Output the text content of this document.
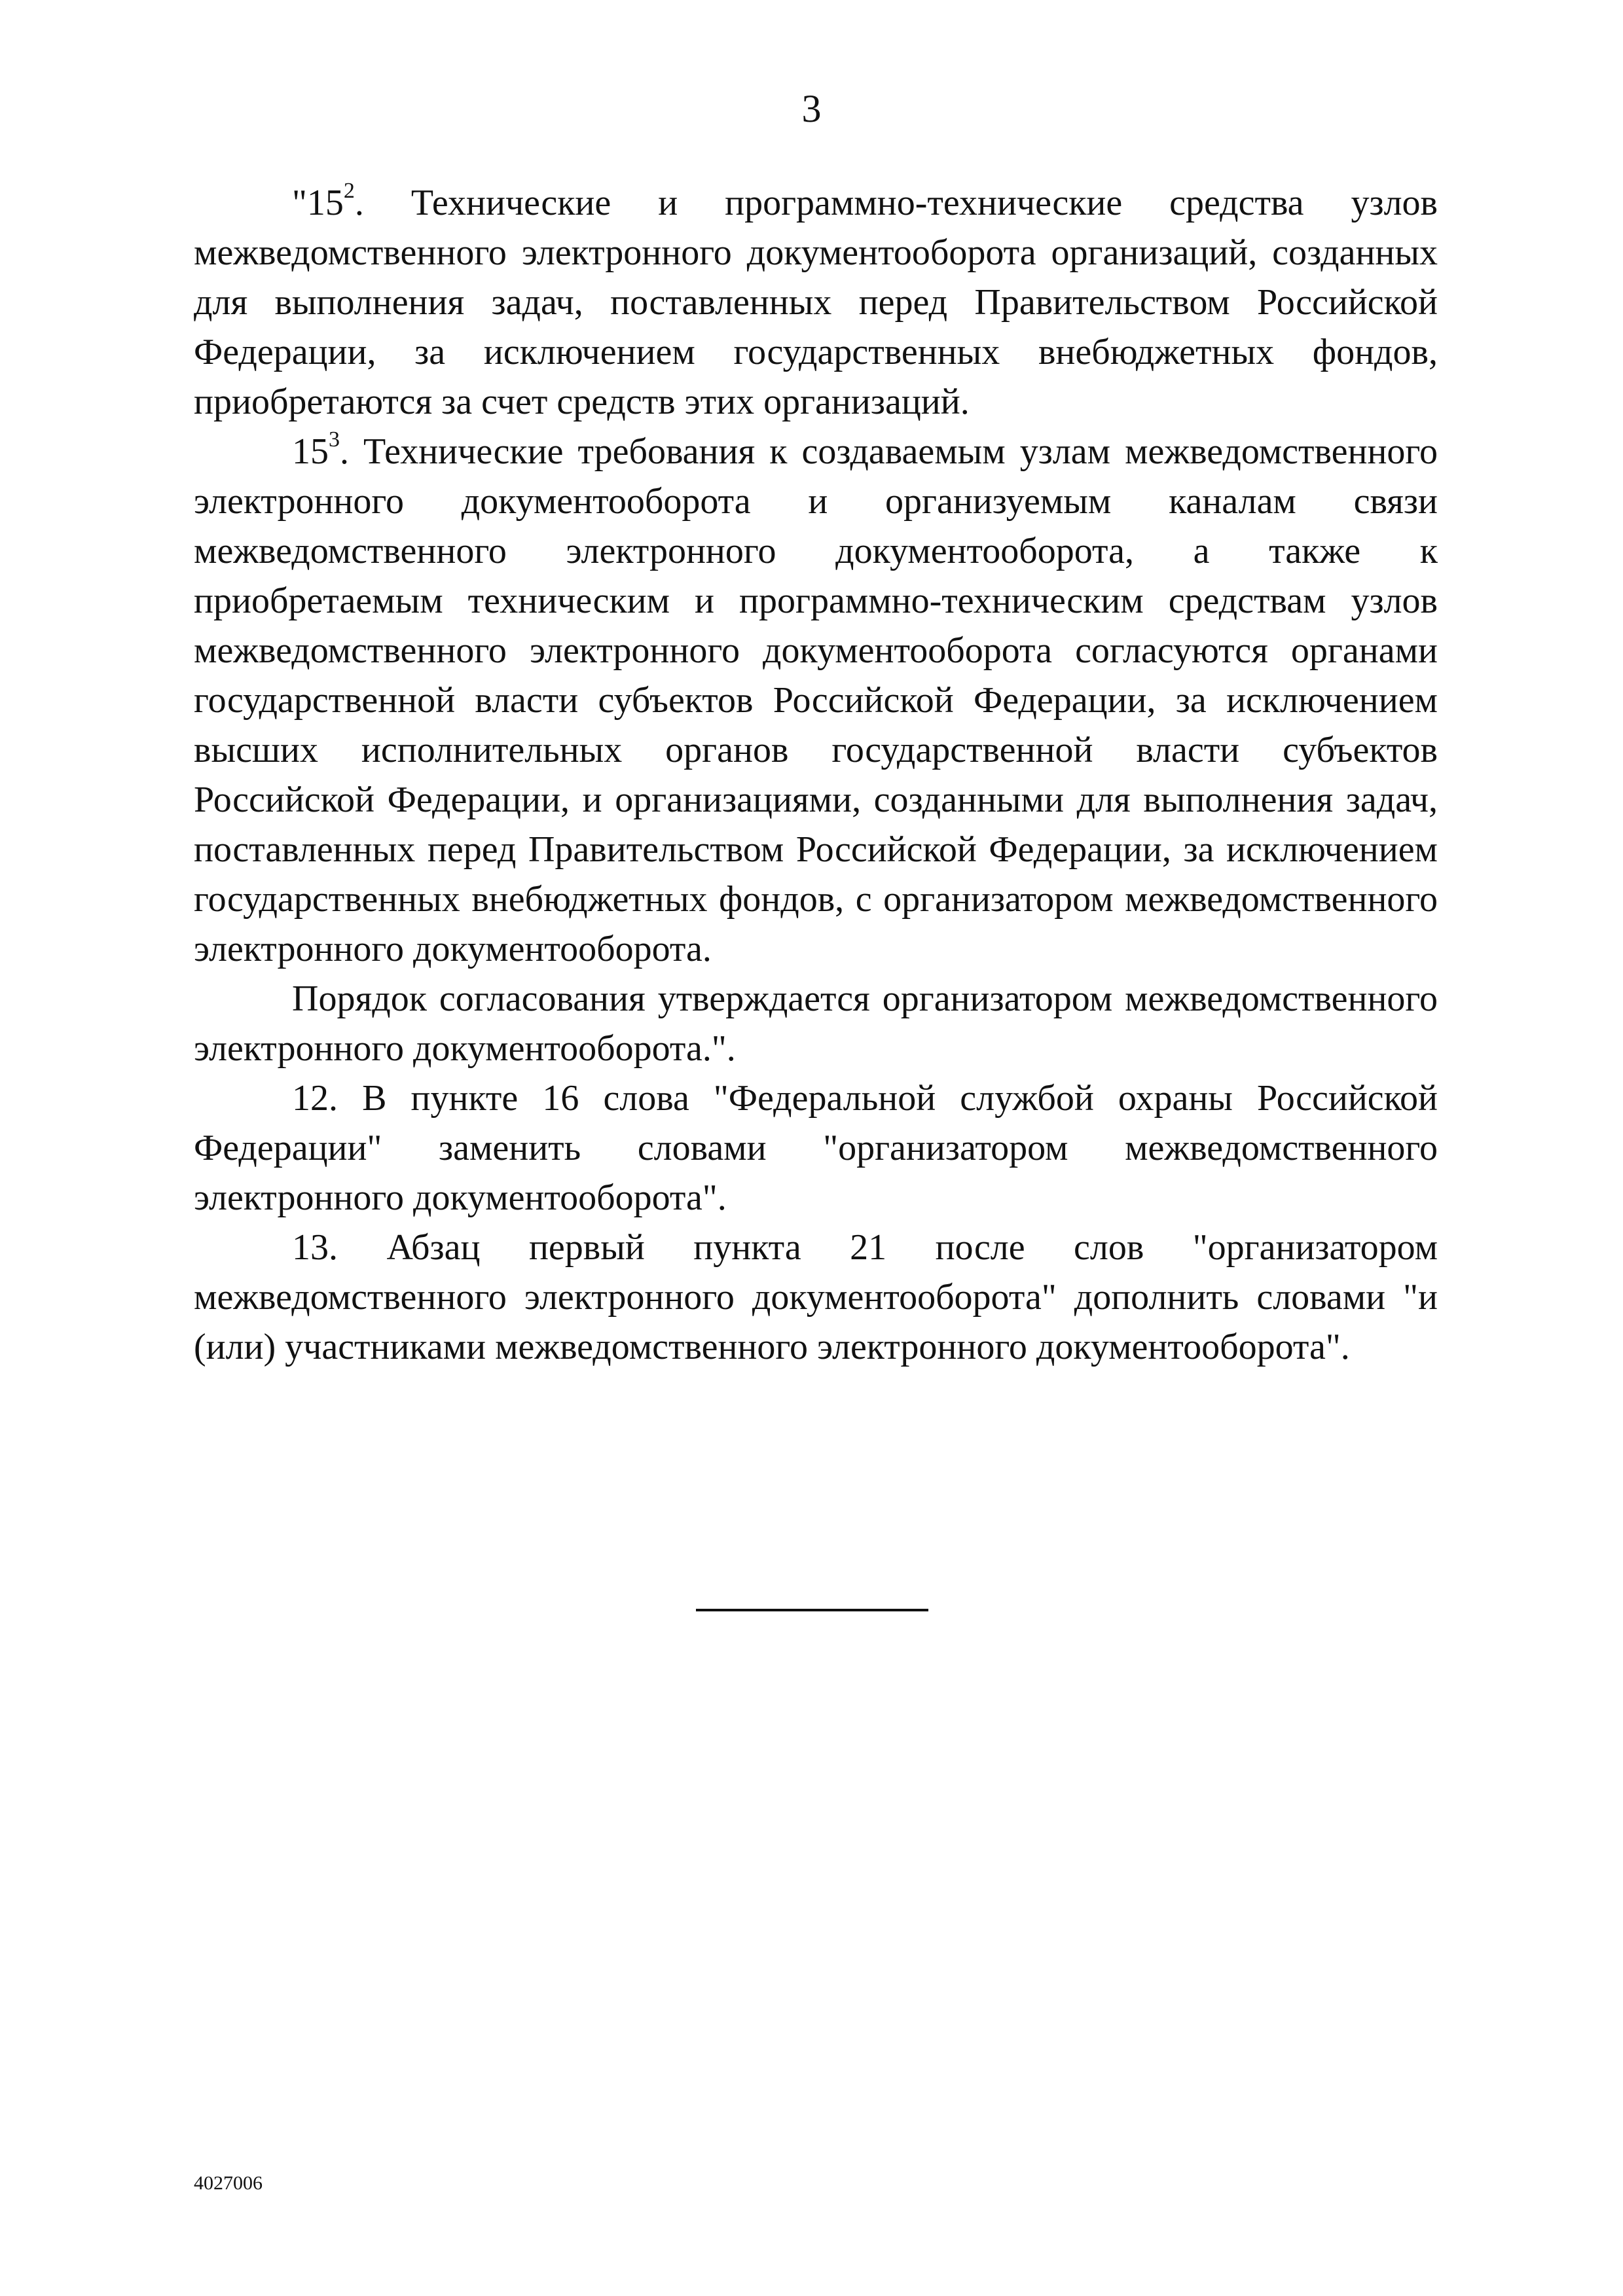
3

"$15^2$. Технические и программно-технические средства узлов межведомственного электронного документооборота организаций, созданных для выполнения задач, поставленных перед Правительством Российской Федерации, за исключением государственных внебюджетных фондов, приобретаются за счет средств этих организаций.

$15^3$. Технические требования к создаваемым узлам межведомственного электронного документооборота и организуемым каналам связи межведомственного электронного документооборота, а также к приобретаемым техническим и программно-техническим средствам узлов межведомственного электронного документооборота согласуются органами государственной власти субъектов Российской Федерации, за исключением высших исполнительных органов государственной власти субъектов Российской Федерации, и организациями, созданными для выполнения задач, поставленных перед Правительством Российской Федерации, за исключением государственных внебюджетных фондов, с организатором межведомственного электронного документооборота.

Порядок согласования утверждается организатором межведомственного электронного документооборота.".

12. В пункте 16 слова "Федеральной службой охраны Российской Федерации" заменить словами "организатором межведомственного электронного документооборота".

13. Абзац первый пункта 21 после слов "организатором межведомственного электронного документооборота" дополнить словами "и (или) участниками межведомственного электронного документооборота".

4027006
